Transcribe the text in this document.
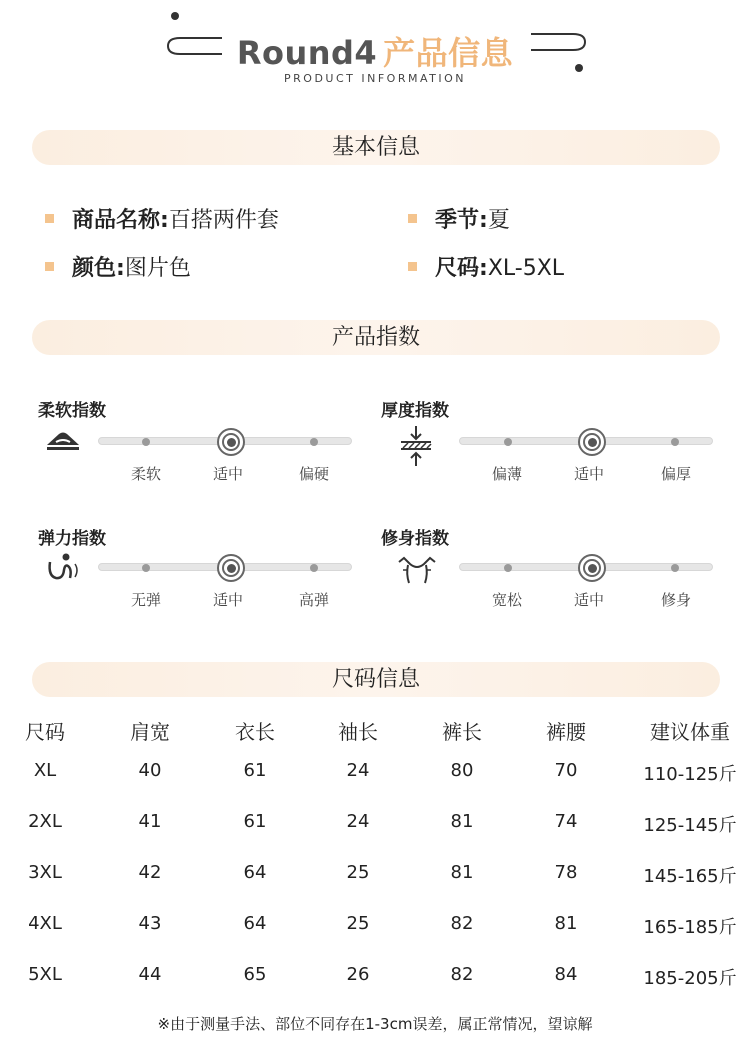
Round4 产品信息
PRODUCT INFORMATION
基本信息
商品名称:百搭两件套	季节:夏
颜色:图片色	尺码:XL-5XL
产品指数
柔软指数
柔软	适中	偏硬
厚度指数
偏薄	适中	偏厚
弹力指数
无弹	适中	高弹
修身指数
宽松	适中	修身
尺码信息
尺码	肩宽	衣长	袖长	裤长	裤腰	建议体重
XL	40	61	24	80	70	110-125斤
2XL	41	61	24	81	74	125-145斤
3XL	42	64	25	81	78	145-165斤
4XL	43	64	25	82	81	165-185斤
5XL	44	65	26	82	84	185-205斤
※由于测量手法、部位不同存在1-3cm误差，属正常情况，望谅解
